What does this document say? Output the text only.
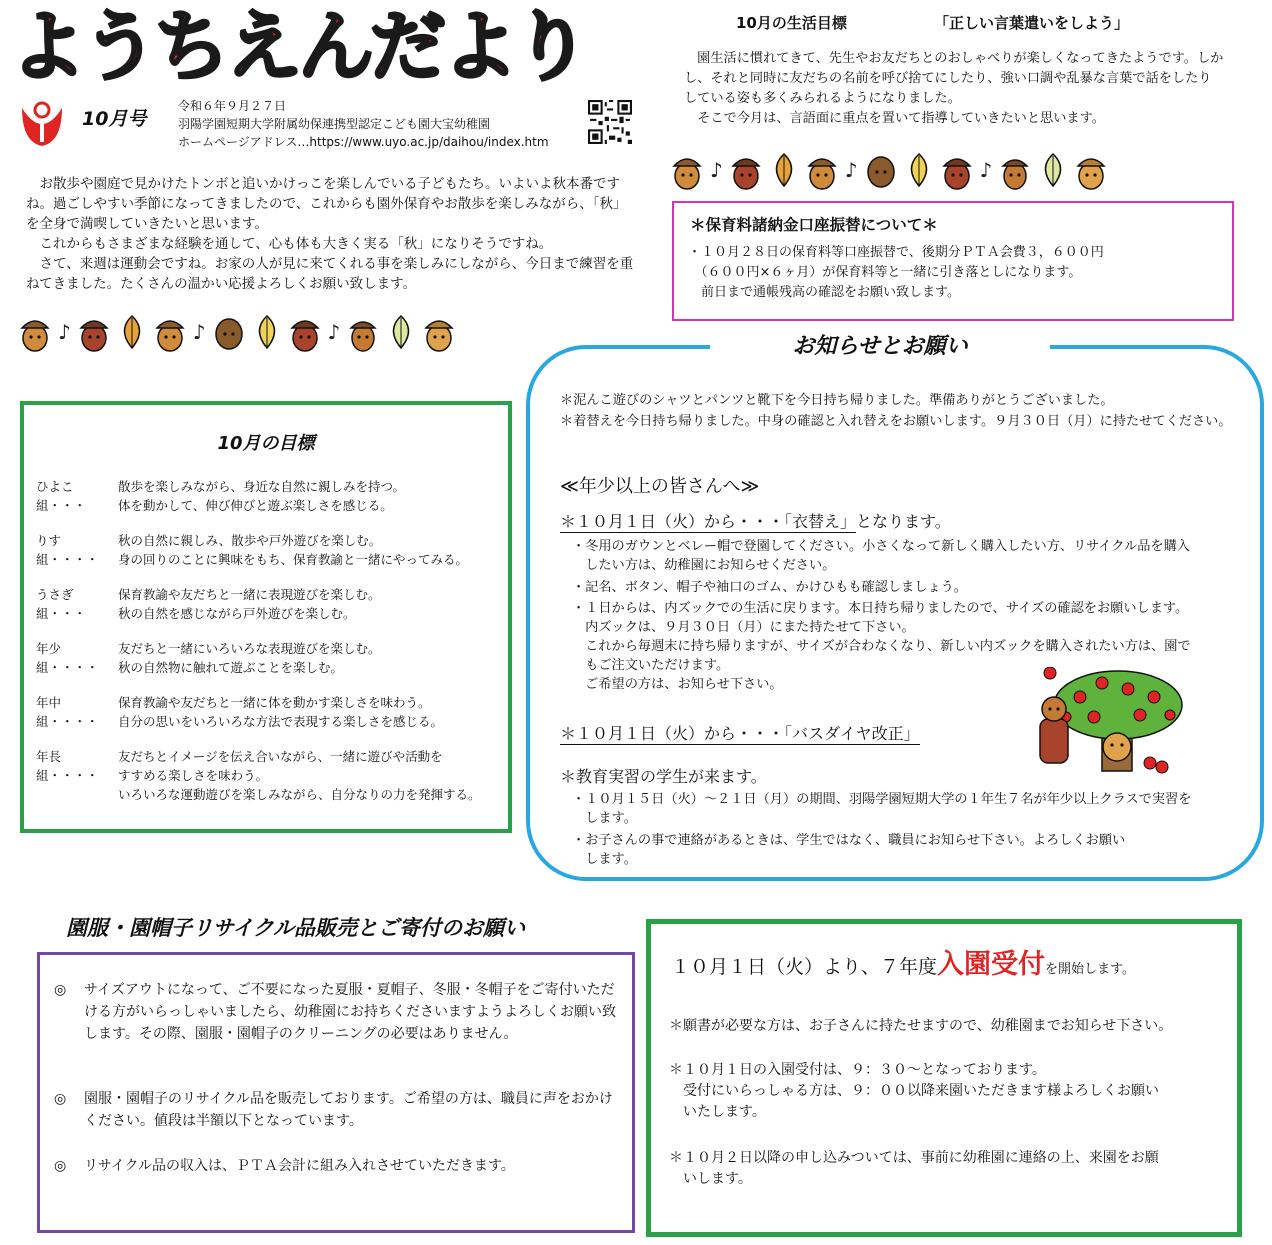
ようちえんだより
10月号
令和６年９月２７日
羽陽学園短期大学附属幼保連携型認定こども園大宝幼稚園
ホームページアドレス…https://www.uyo.ac.jp/daihou/index.htm
　お散歩や園庭で見かけたトンボと追いかけっこを楽しんでいる子どもたち。いよいよ秋本番ですね。過ごしやすい季節になってきましたので、これからも園外保育やお散歩を楽しみながら、「秋」を全身で満喫していきたいと思います。
　これからもさまざまな経験を通して、心も体も大きく実る「秋」になりそうですね。
　さて、来週は運動会ですね。お家の人が見に来てくれる事を楽しみにしながら、今日まで練習を重ねてきました。たくさんの温かい応援よろしくお願い致します。
♪	♪	♪
10月の目標
ひよこ組・・・散歩を楽しみながら、身近な自然に親しみを持つ。
体を動かして、伸び伸びと遊ぶ楽しさを感じる。
りす組・・・・秋の自然に親しみ、散歩や戸外遊びを楽しむ。
身の回りのことに興味をもち、保育教諭と一緒にやってみる。
うさぎ組・・・保育教諭や友だちと一緒に表現遊びを楽しむ。
秋の自然を感じながら戸外遊びを楽しむ。
年少組・・・・友だちと一緒にいろいろな表現遊びを楽しむ。
秋の自然物に触れて遊ぶことを楽しむ。
年中組・・・・保育教諭や友だちと一緒に体を動かす楽しさを味わう。
自分の思いをいろいろな方法で表現する楽しさを感じる。
年長組・・・・友だちとイメージを伝え合いながら、一緒に遊びや活動を
すすめる楽しさを味わう。
いろいろな運動遊びを楽しみながら、自分なりの力を発揮する。
10月の生活目標	「正しい言葉遣いをしよう」
　園生活に慣れてきて、先生やお友だちとのおしゃべりが楽しくなってきたようです。しかし、それと同時に友だちの名前を呼び捨てにしたり、強い口調や乱暴な言葉で話をしたりしている姿も多くみられるようになりました。
　そこで今月は、言語面に重点を置いて指導していきたいと思います。
♪	♪	♪
＊保育料諸納金口座振替について＊
・１０月２８日の保育料等口座振替で、後期分ＰＴＡ会費３，６００円
　（６００円×６ヶ月）が保育料等と一緒に引き落としになります。
　前日まで通帳残高の確認をお願い致します。
お知らせとお願い
＊泥んこ遊びのシャツとパンツと靴下を今日持ち帰りました。準備ありがとうございました。
＊着替えを今日持ち帰りました。中身の確認と入れ替えをお願いします。９月３０日（月）に持たせてください。
≪年少以上の皆さんへ≫
＊１０月１日（火）から・・・「衣替え」となります。
・冬用のガウンとベレー帽で登園してください。小さくなって新しく購入したい方、リサイクル品を購入
　したい方は、幼稚園にお知らせください。
・記名、ボタン、帽子や袖口のゴム、かけひもも確認しましょう。
・１日からは、内ズックでの生活に戻ります。本日持ち帰りましたので、サイズの確認をお願いします。
　内ズックは、９月３０日（月）にまた持たせて下さい。
　これから毎週末に持ち帰りますが、サイズが合わなくなり、新しい内ズックを購入されたい方は、園で
　もご注文いただけます。
　ご希望の方は、お知らせ下さい。
＊１０月１日（火）から・・・「バスダイヤ改正」
＊教育実習の学生が来ます。
・１０月１５日（火）～２１日（月）の期間、羽陽学園短期大学の１年生７名が年少以上クラスで実習を
　します。
・お子さんの事で連絡があるときは、学生ではなく、職員にお知らせ下さい。よろしくお願い
　します。
園服・園帽子リサイクル品販売とご寄付のお願い
◎ サイズアウトになって、ご不要になった夏服・夏帽子、冬服・冬帽子をご寄付いただける方がいらっしゃいましたら、幼稚園にお持ちくださいますようよろしくお願い致します。その際、園服・園帽子のクリーニングの必要はありません。
◎ 園服・園帽子のリサイクル品を販売しております。ご希望の方は、職員に声をおかけください。値段は半額以下となっています。
◎ リサイクル品の収入は、ＰＴＡ会計に組み入れさせていただきます。
１０月１日（火）より、７年度入園受付を開始します。
＊願書が必要な方は、お子さんに持たせますので、幼稚園までお知らせ下さい。
＊１０月１日の入園受付は、９：３０～となっております。
　受付にいらっしゃる方は、９：００以降来園いただきます様よろしくお願い
　いたします。
＊１０月２日以降の申し込みついては、事前に幼稚園に連絡の上、来園をお願
　いします。
